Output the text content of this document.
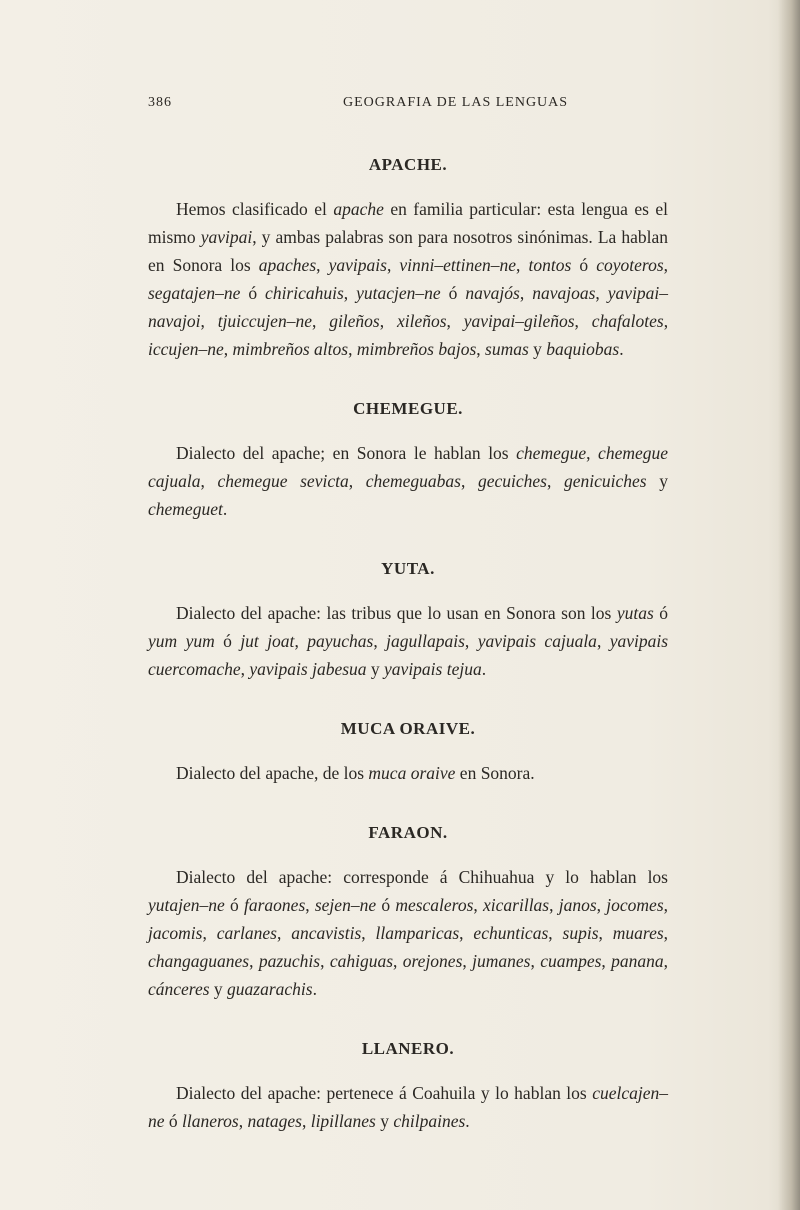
386	GEOGRAFIA DE LAS LENGUAS
APACHE.

Hemos clasificado el apache en familia particular: esta lengua es el mismo yavipai, y ambas palabras son para nosotros sinónimas. La hablan en Sonora los apaches, yavipais, vinni–ettinen–ne, tontos ó coyoteros, segatajen–ne ó chiricahuis, yutacjen–ne ó navajós, navajoas, yavipai–navajoi, tjuiccujen–ne, gileños, xileños, yavipai–gileños, chafalotes, iccujen–ne, mimbreños altos, mimbreños bajos, sumas y baquiobas.

CHEMEGUE.

Dialecto del apache; en Sonora le hablan los chemegue, chemegue cajuala, chemegue sevicta, chemeguabas, gecuiches, genicuiches y chemeguet.

YUTA.

Dialecto del apache: las tribus que lo usan en Sonora son los yutas ó yum yum ó jut joat, payuchas, jagullapais, yavipais cajuala, yavipais cuercomache, yavipais jabesua y yavipais tejua.

MUCA ORAIVE.

Dialecto del apache, de los muca oraive en Sonora.

FARAON.

Dialecto del apache: corresponde á Chihuahua y lo hablan los yutajen–ne ó faraones, sejen–ne ó mescaleros, xicarillas, janos, jocomes, jacomis, carlanes, ancavistis, llamparicas, echunticas, supis, muares, changaguanes, pazuchis, cahiguas, orejones, jumanes, cuampes, panana, cánceres y guazarachis.

LLANERO.

Dialecto del apache: pertenece á Coahuila y lo hablan los cuelcajen–ne ó llaneros, natages, lipillanes y chilpaines.
